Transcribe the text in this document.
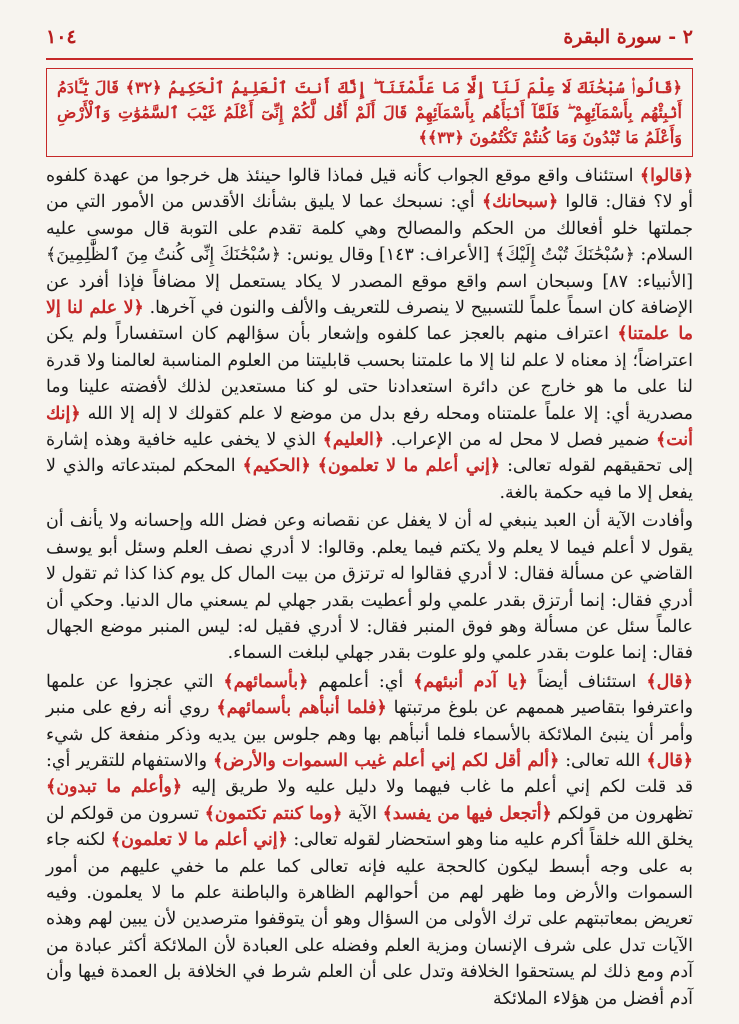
٢ - سورة البقرة
١٠٤
﴿قَالُوا۟ سُبْحَٰنَكَ لَا عِلْمَ لَنَآ إِلَّا مَا عَلَّمْتَنَآ ۖ إِنَّكَ أَنتَ ٱلْعَلِيمُ ٱلْحَكِيمُ ﴿٣٢﴾ قَالَ يَٰٓـَٔادَمُ أَنۢبِئْهُم بِأَسْمَآئِهِمْ ۖ فَلَمَّآ أَنۢبَأَهُم بِأَسْمَآئِهِمْ قَالَ أَلَمْ أَقُل لَّكُمْ إِنِّىٓ أَعْلَمُ غَيْبَ ٱلسَّمَٰوَٰتِ وَٱلْأَرْضِ وَأَعْلَمُ مَا تُبْدُونَ وَمَا كُنتُمْ تَكْتُمُونَ ﴿٣٣﴾﴾

﴿قالوا﴾ استئناف واقع موقع الجواب كأنه قيل فماذا قالوا حينئذ هل خرجوا من عهدة كلفوه أو لا؟ فقال: قالوا ﴿سبحانك﴾ أي: نسبحك عما لا يليق بشأنك الأقدس من الأمور التي من جملتها خلو أفعالك من الحكم والمصالح وهي كلمة تقدم على التوبة قال موسى عليه السلام: ﴿سُبْحَٰنَكَ تُبْتُ إِلَيْكَ﴾ [الأعراف: ١٤٣] وقال يونس: ﴿سُبْحَٰنَكَ إِنِّى كُنتُ مِنَ ٱلظَّٰلِمِينَ﴾ [الأنبياء: ٨٧] وسبحان اسم واقع موقع المصدر لا يكاد يستعمل إلا مضافاً فإذا أفرد عن الإضافة كان اسماً علماً للتسبيح لا ينصرف للتعريف والألف والنون في آخرها. ﴿لا علم لنا إلا ما علمتنا﴾ اعتراف منهم بالعجز عما كلفوه وإشعار بأن سؤالهم كان استفساراً ولم يكن اعتراضاً؛ إذ معناه لا علم لنا إلا ما علمتنا بحسب قابليتنا من العلوم المناسبة لعالمنا ولا قدرة لنا على ما هو خارج عن دائرة استعدادنا حتى لو كنا مستعدين لذلك لأفضته علينا وما مصدرية أي: إلا علماً علمتناه ومحله رفع بدل من موضع لا علم كقولك لا إله إلا الله ﴿إنك أنت﴾ ضمير فصل لا محل له من الإعراب. ﴿العليم﴾ الذي لا يخفى عليه خافية وهذه إشارة إلى تحقيقهم لقوله تعالى: ﴿إني أعلم ما لا تعلمون﴾ ﴿الحكيم﴾ المحكم لمبتدعاته والذي لا يفعل إلا ما فيه حكمة بالغة.

وأفادت الآية أن العبد ينبغي له أن لا يغفل عن نقصانه وعن فضل الله وإحسانه ولا يأنف أن يقول لا أعلم فيما لا يعلم ولا يكتم فيما يعلم. وقالوا: لا أدري نصف العلم وسئل أبو يوسف القاضي عن مسألة فقال: لا أدري فقالوا له ترتزق من بيت المال كل يوم كذا كذا ثم تقول لا أدري فقال: إنما أرتزق بقدر علمي ولو أعطيت بقدر جهلي لم يسعني مال الدنيا. وحكي أن عالماً سئل عن مسألة وهو فوق المنبر فقال: لا أدري فقيل له: ليس المنبر موضع الجهال فقال: إنما علوت بقدر علمي ولو علوت بقدر جهلي لبلغت السماء.

﴿قال﴾ استئناف أيضاً ﴿يا آدم أنبئهم﴾ أي: أعلمهم ﴿بأسمائهم﴾ التي عجزوا عن علمها واعترفوا بتقاصير هممهم عن بلوغ مرتبتها ﴿فلما أنبأهم بأسمائهم﴾ روي أنه رفع على منبر وأمر أن ينبئ الملائكة بالأسماء فلما أنبأهم بها وهم جلوس بين يديه وذكر منفعة كل شيء ﴿قال﴾ الله تعالى: ﴿ألم أقل لكم إني أعلم غيب السموات والأرض﴾ والاستفهام للتقرير أي: قد قلت لكم إني أعلم ما غاب فيهما ولا دليل عليه ولا طريق إليه ﴿وأعلم ما تبدون﴾ تظهرون من قولكم ﴿أتجعل فيها من يفسد﴾ الآية ﴿وما كنتم تكتمون﴾ تسرون من قولكم لن يخلق الله خلقاً أكرم عليه منا وهو استحضار لقوله تعالى: ﴿إني أعلم ما لا تعلمون﴾ لكنه جاء به على وجه أبسط ليكون كالحجة عليه فإنه تعالى كما علم ما خفي عليهم من أمور السموات والأرض وما ظهر لهم من أحوالهم الظاهرة والباطنة علم ما لا يعلمون. وفيه تعريض بمعاتبتهم على ترك الأولى من السؤال وهو أن يتوقفوا مترصدين لأن يبين لهم وهذه الآيات تدل على شرف الإنسان ومزية العلم وفضله على العبادة لأن الملائكة أكثر عبادة من آدم ومع ذلك لم يستحقوا الخلافة وتدل على أن العلم شرط في الخلافة بل العمدة فيها وأن آدم أفضل من هؤلاء الملائكة
